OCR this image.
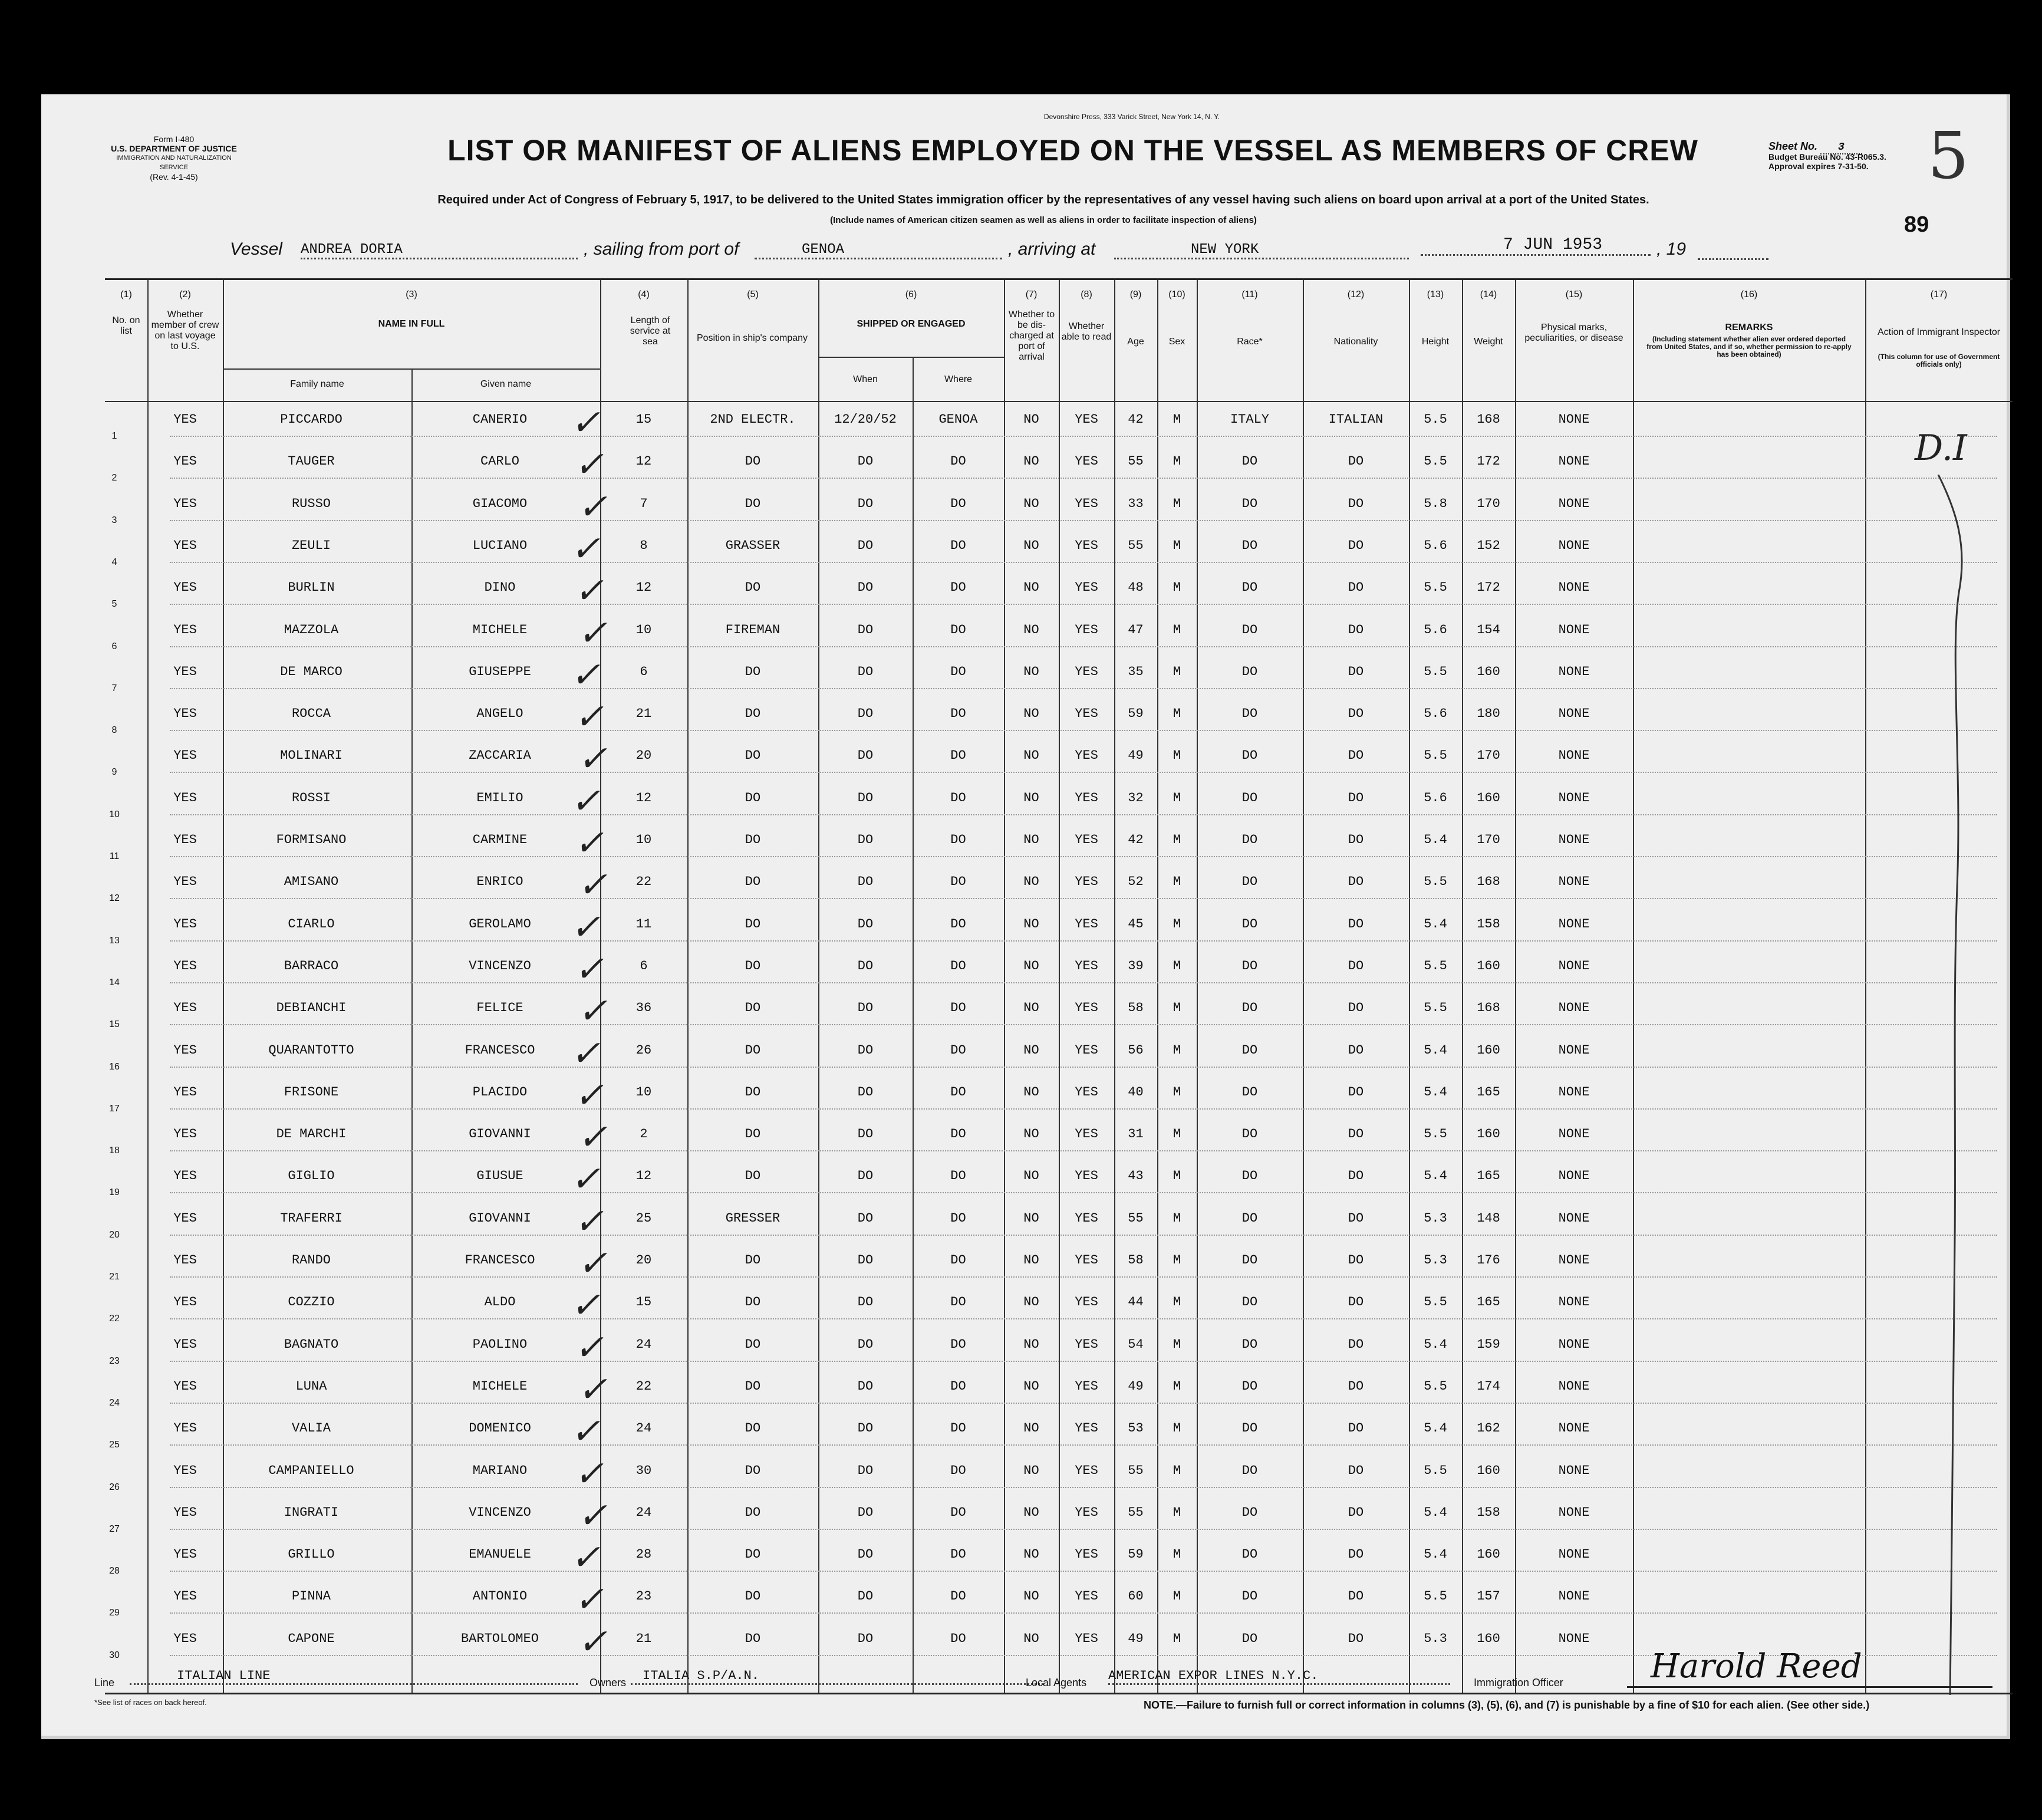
Form I-480
U.S. DEPARTMENT OF JUSTICE
IMMIGRATION AND NATURALIZATION SERVICE
(Rev. 4-1-45)
Devonshire Press, 333 Varick Street, New York 14, N. Y.
LIST OR MANIFEST OF ALIENS EMPLOYED ON THE VESSEL AS MEMBERS OF CREW	Sheet No. 3
Budget Bureau No. 43-R065.3.
Approval expires 7-31-50. 5
89
Required under Act of Congress of February 5, 1917, to be delivered to the United States immigration officer by the representatives of any vessel having such aliens on board upon arrival at a port of the United States.
(Include names of American citizen seamen as well as aliens in order to facilitate inspection of aliens)
Vessel ANDREA DORIA	, sailing from port of	GENOA	, arriving at	NEW YORK	7 JUN 1953	, 19
(1)	(2)	(3)	(4)	(5)	(6)	(7)	(8)	(9)	(10)	(11)	(12)	(13)	(14)	(15)	(16)	(17)
No. on list
Whether member of crew on last voyage to U.S.
NAME IN FULL
Family name	Given name
Length of service at sea	Position in ship's company
SHIPPED OR ENGAGED
When	Where
Whether to be dis-charged at port of arrival
Whether able to read	Age	Sex	Race*	Nationality	Height	Weight
Physical marks, peculiarities, or disease
REMARKS
(Including statement whether alien ever ordered deported from United States, and if so, whether permission to re-apply has been obtained)
Action of Immigrant Inspector
(This column for use of Government officials only)
1
YES	PICCARDO	CANERIO	15	2ND ELECTR.	12/20/52	GENOA	NO	YES	42	M	ITALY	ITALIAN	5.5	168	NONE
✓
2
YES	TAUGER	CARLO	12	DO	DO	DO	NO	YES	55	M	DO	DO	5.5	172	NONE
✓
3
YES	RUSSO	GIACOMO	7	DO	DO	DO	NO	YES	33	M	DO	DO	5.8	170	NONE
✓
4
YES	ZEULI	LUCIANO	8	GRASSER	DO	DO	NO	YES	55	M	DO	DO	5.6	152	NONE
✓
5
YES	BURLIN	DINO	12	DO	DO	DO	NO	YES	48	M	DO	DO	5.5	172	NONE
✓
6
YES	MAZZOLA	MICHELE	10	FIREMAN	DO	DO	NO	YES	47	M	DO	DO	5.6	154	NONE
✓
7
YES	DE MARCO	GIUSEPPE	6	DO	DO	DO	NO	YES	35	M	DO	DO	5.5	160	NONE
✓
8
YES	ROCCA	ANGELO	21	DO	DO	DO	NO	YES	59	M	DO	DO	5.6	180	NONE
✓
9
YES	MOLINARI	ZACCARIA	20	DO	DO	DO	NO	YES	49	M	DO	DO	5.5	170	NONE
✓
10
YES	ROSSI	EMILIO	12	DO	DO	DO	NO	YES	32	M	DO	DO	5.6	160	NONE
✓
11
YES	FORMISANO	CARMINE	10	DO	DO	DO	NO	YES	42	M	DO	DO	5.4	170	NONE
✓
12
YES	AMISANO	ENRICO	22	DO	DO	DO	NO	YES	52	M	DO	DO	5.5	168	NONE
✓
13
YES	CIARLO	GEROLAMO	11	DO	DO	DO	NO	YES	45	M	DO	DO	5.4	158	NONE
✓
14
YES	BARRACO	VINCENZO	6	DO	DO	DO	NO	YES	39	M	DO	DO	5.5	160	NONE
✓
15
YES	DEBIANCHI	FELICE	36	DO	DO	DO	NO	YES	58	M	DO	DO	5.5	168	NONE
✓
16
YES	QUARANTOTTO	FRANCESCO	26	DO	DO	DO	NO	YES	56	M	DO	DO	5.4	160	NONE
✓
17
YES	FRISONE	PLACIDO	10	DO	DO	DO	NO	YES	40	M	DO	DO	5.4	165	NONE
✓
18
YES	DE MARCHI	GIOVANNI	2	DO	DO	DO	NO	YES	31	M	DO	DO	5.5	160	NONE
✓
19
YES	GIGLIO	GIUSUE	12	DO	DO	DO	NO	YES	43	M	DO	DO	5.4	165	NONE
✓
20
YES	TRAFERRI	GIOVANNI	25	GRESSER	DO	DO	NO	YES	55	M	DO	DO	5.3	148	NONE
✓
21
YES	RANDO	FRANCESCO	20	DO	DO	DO	NO	YES	58	M	DO	DO	5.3	176	NONE
✓
22
YES	COZZIO	ALDO	15	DO	DO	DO	NO	YES	44	M	DO	DO	5.5	165	NONE
✓
23
YES	BAGNATO	PAOLINO	24	DO	DO	DO	NO	YES	54	M	DO	DO	5.4	159	NONE
✓
24
YES	LUNA	MICHELE	22	DO	DO	DO	NO	YES	49	M	DO	DO	5.5	174	NONE
✓
25
YES	VALIA	DOMENICO	24	DO	DO	DO	NO	YES	53	M	DO	DO	5.4	162	NONE
✓
26
YES	CAMPANIELLO	MARIANO	30	DO	DO	DO	NO	YES	55	M	DO	DO	5.5	160	NONE
✓
27
YES	INGRATI	VINCENZO	24	DO	DO	DO	NO	YES	55	M	DO	DO	5.4	158	NONE
✓
28
YES	GRILLO	EMANUELE	28	DO	DO	DO	NO	YES	59	M	DO	DO	5.4	160	NONE
✓
29
YES	PINNA	ANTONIO	23	DO	DO	DO	NO	YES	60	M	DO	DO	5.5	157	NONE
✓
30
YES	CAPONE	BARTOLOMEO	21	DO	DO	DO	NO	YES	49	M	DO	DO	5.3	160	NONE
✓
D.I
Line	ITALIAN LINE	Owners	ITALIA S.P/A.N.	Local Agents AMERICAN EXPOR LINES N.Y.C.	Immigration Officer	Harold Reed
*See list of races on back hereof.	NOTE.—Failure to furnish full or correct information in columns (3), (5), (6), and (7) is punishable by a fine of $10 for each alien. (See other side.)
